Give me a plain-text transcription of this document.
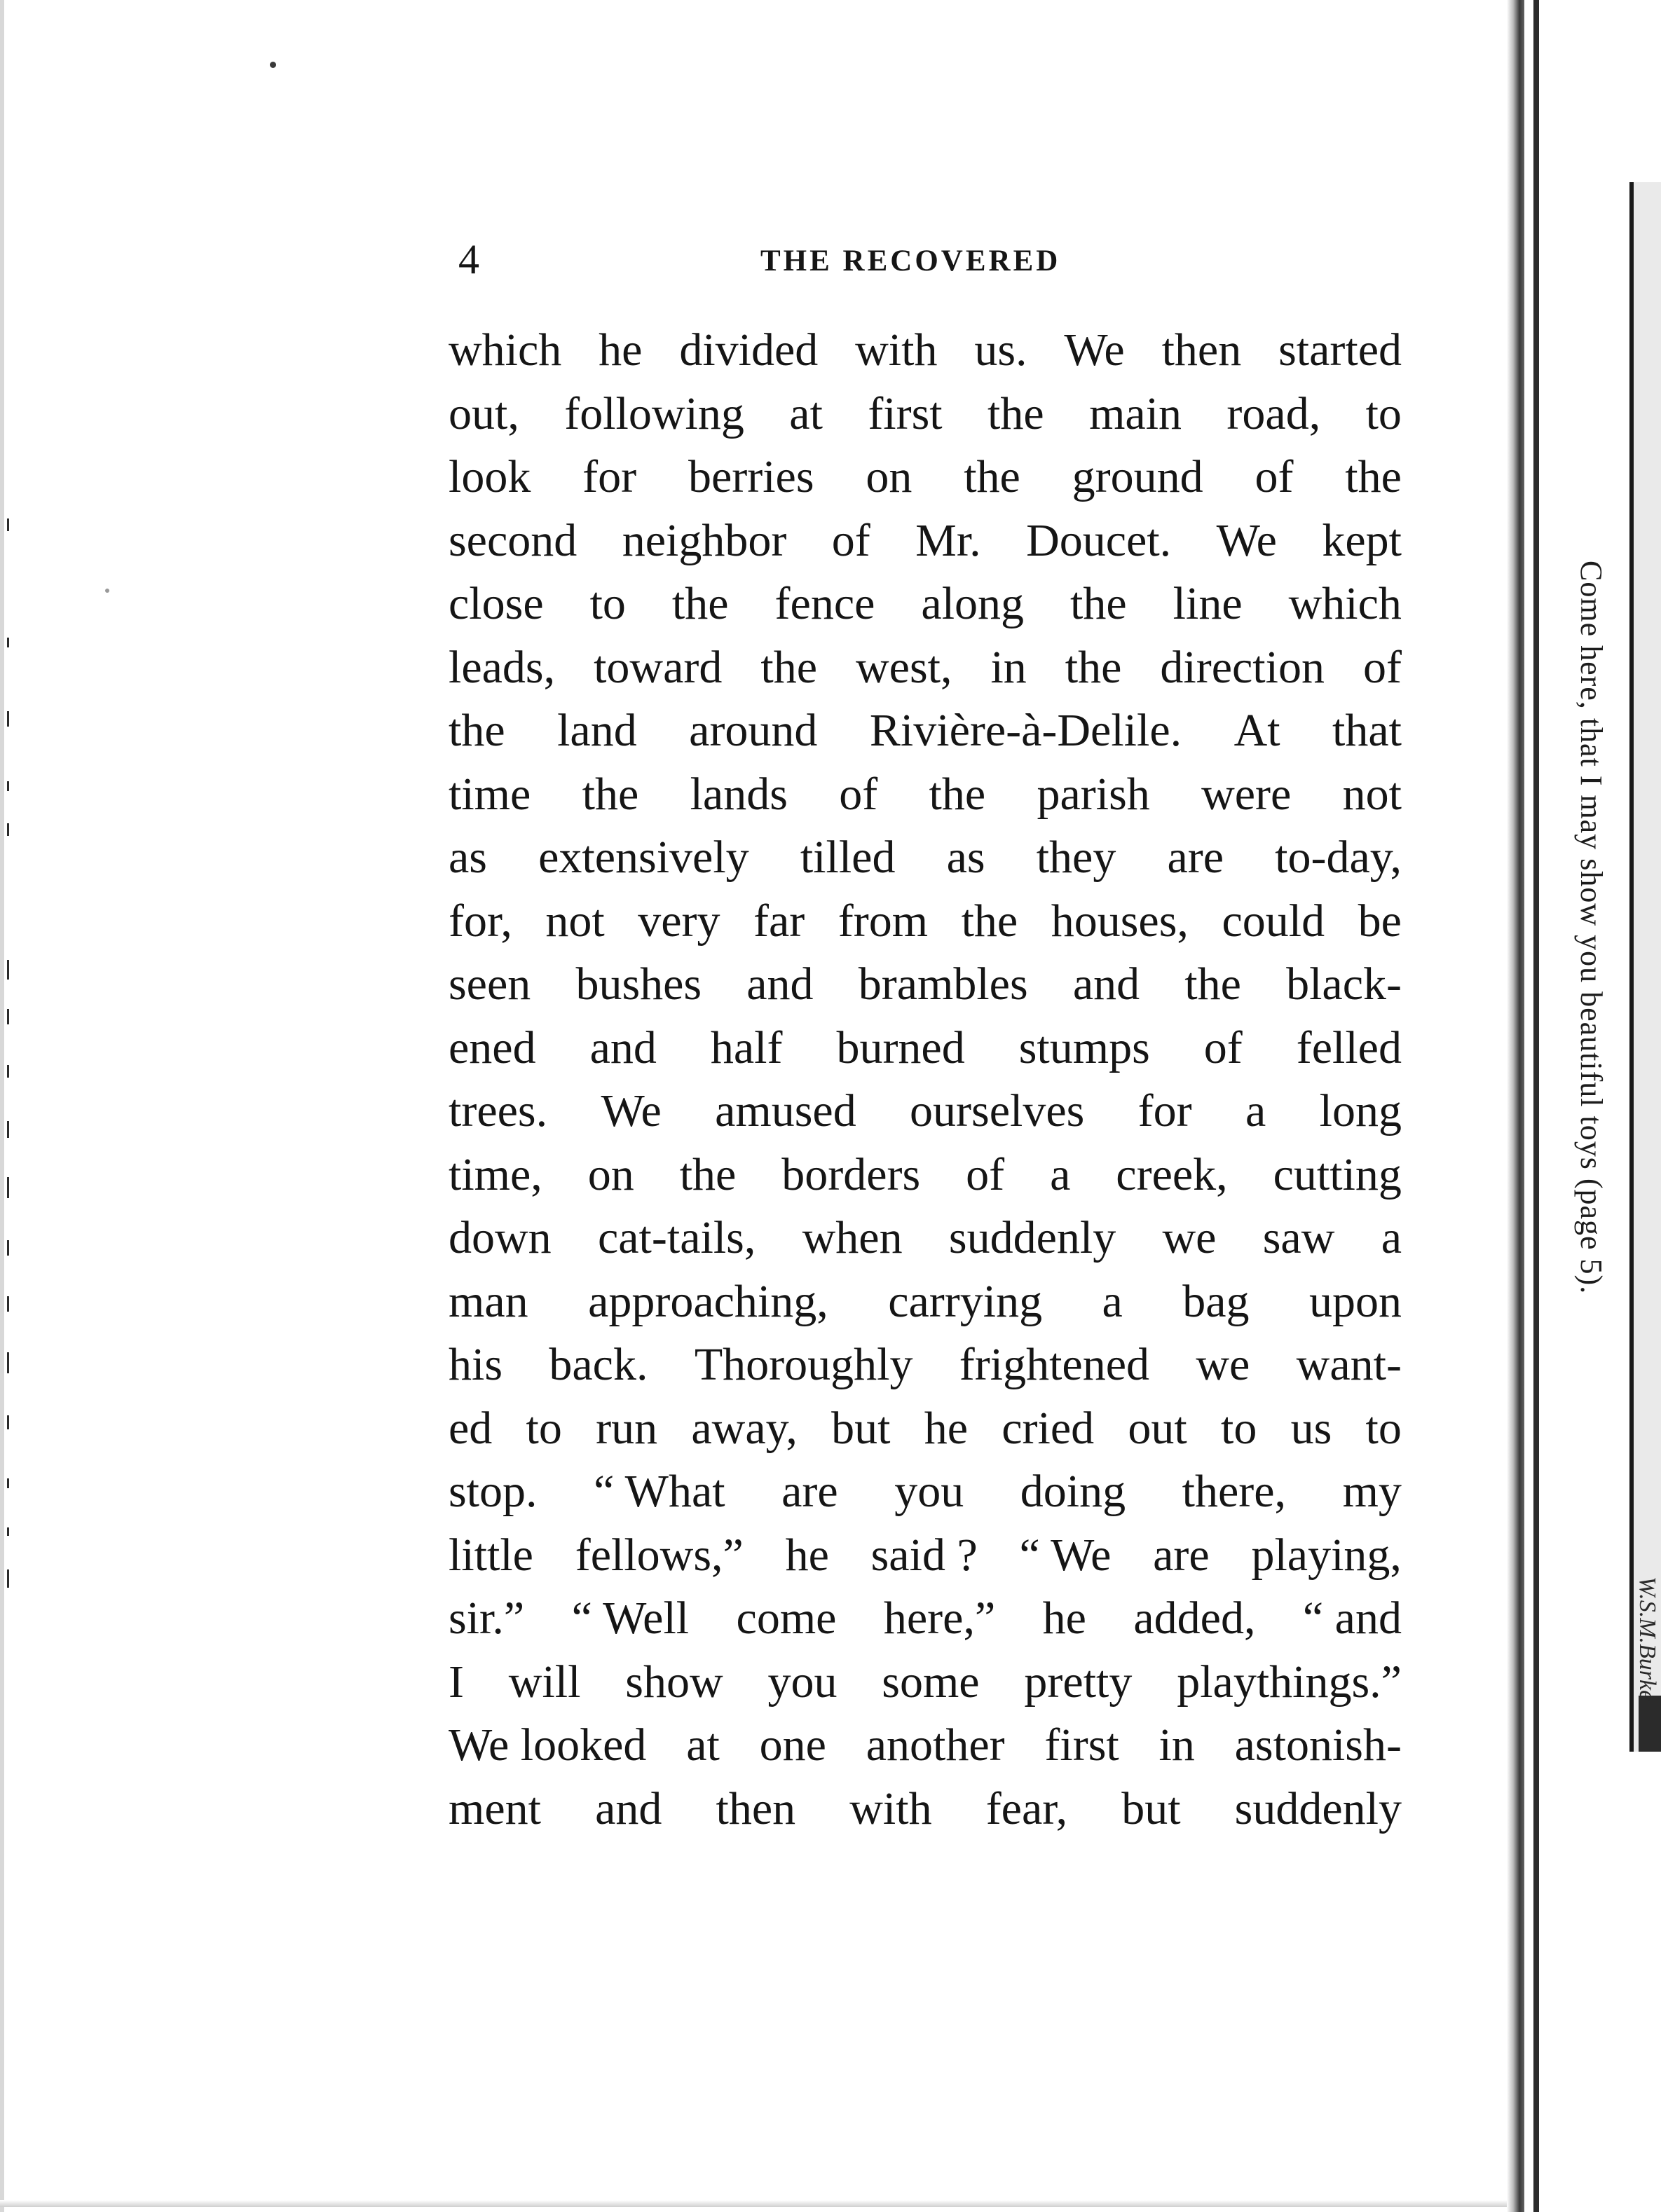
4	THE RECOVERED
which he divided with us. We then started
out, following at first the main road, to
look for berries on the ground of the
second neighbor of Mr. Doucet. We kept
close to the fence along the line which
leads, toward the west, in the direction of
the land around Rivière-à-Delile. At that
time the lands of the parish were not
as extensively tilled as they are to-day,
for, not very far from the houses, could be
seen bushes and brambles and the black-
ened and half burned stumps of felled
trees. We amused ourselves for a long
time, on the borders of a creek, cutting
down cat-tails, when suddenly we saw a
man approaching, carrying a bag upon
his back. Thoroughly frightened we want-
ed to run away, but he cried out to us to
stop. “ What are you doing there, my
little fellows,” he said ? “ We are playing,
sir.” “ Well come here,” he added, “ and
I will show you some pretty playthings.”
We looked at one another first in astonish-
ment and then with fear, but suddenly
Come here, that I may show you beautiful toys (page 5).
W.S.M.Burke
